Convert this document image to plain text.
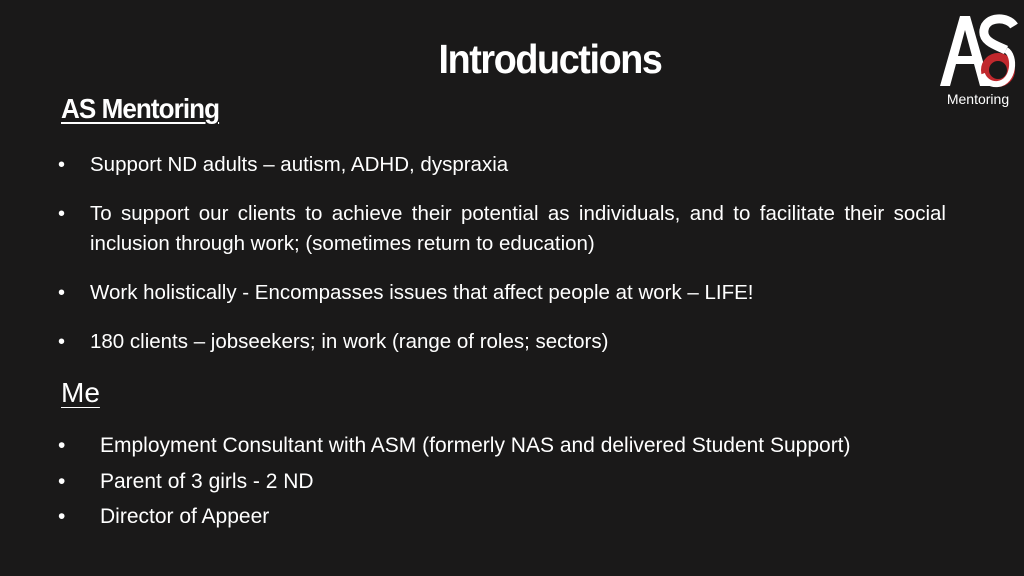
Introductions
Mentoring
AS Mentoring
• Support ND adults – autism, ADHD, dyspraxia
• To support our clients to achieve their potential as individuals, and to facilitate their social inclusion through work; (sometimes return to education)
• Work holistically - Encompasses issues that affect people at work – LIFE!
• 180 clients – jobseekers; in work (range of roles; sectors)
Me
• Employment Consultant with ASM (formerly NAS and delivered Student Support)
• Parent of 3 girls - 2 ND
• Director of Appeer
